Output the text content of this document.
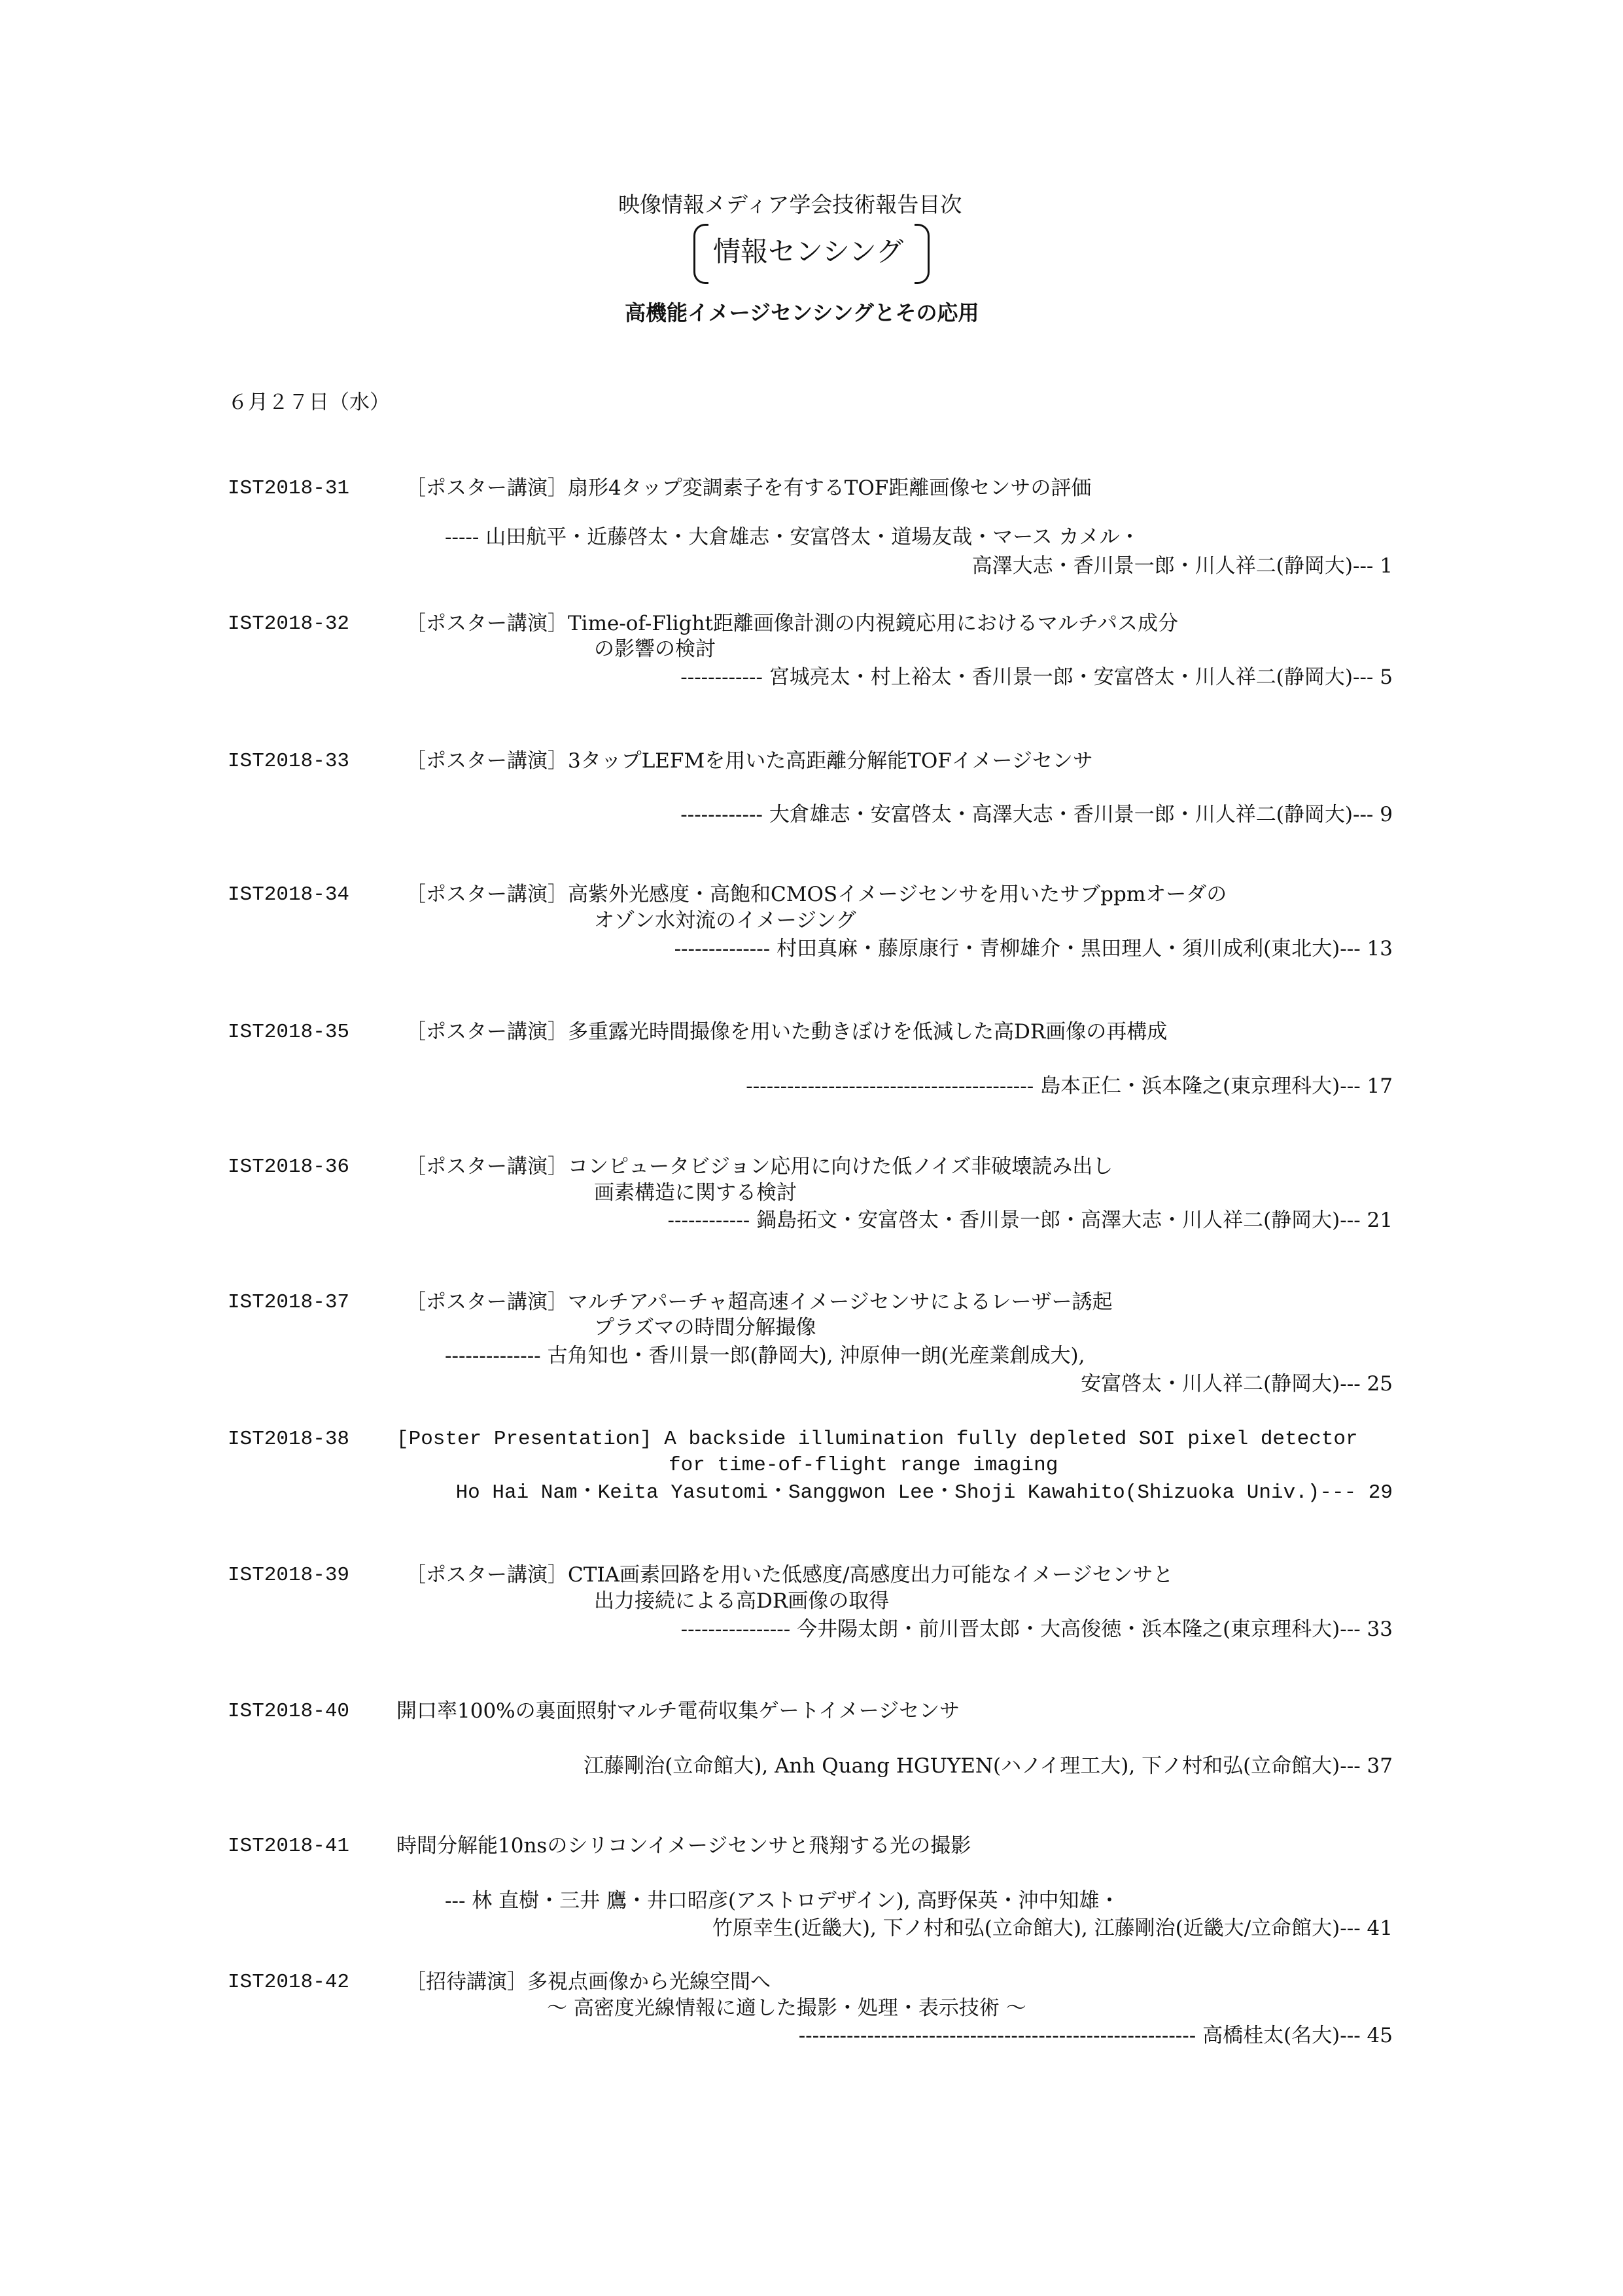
映像情報メディア学会技術報告目次
情報センシング
高機能イメージセンシングとその応用
６月２７日（水）
IST2018-31	［ポスター講演］扇形4タップ変調素子を有するTOF距離画像センサの評価
----- 山田航平・近藤啓太・大倉雄志・安富啓太・道場友哉・マース カメル・
高澤大志・香川景一郎・川人祥二(静岡大)--- 1
IST2018-32	［ポスター講演］Time-of-Flight距離画像計測の内視鏡応用におけるマルチパス成分
の影響の検討
------------ 宮城亮太・村上裕太・香川景一郎・安富啓太・川人祥二(静岡大)--- 5
IST2018-33	［ポスター講演］3タップLEFMを用いた高距離分解能TOFイメージセンサ
------------ 大倉雄志・安富啓太・高澤大志・香川景一郎・川人祥二(静岡大)--- 9
IST2018-34	［ポスター講演］高紫外光感度・高飽和CMOSイメージセンサを用いたサブppmオーダの
オゾン水対流のイメージング
-------------- 村田真麻・藤原康行・青柳雄介・黒田理人・須川成利(東北大)--- 13
IST2018-35	［ポスター講演］多重露光時間撮像を用いた動きぼけを低減した高DR画像の再構成
------------------------------------------ 島本正仁・浜本隆之(東京理科大)--- 17
IST2018-36	［ポスター講演］コンピュータビジョン応用に向けた低ノイズ非破壊読み出し
画素構造に関する検討
------------ 鍋島拓文・安富啓太・香川景一郎・高澤大志・川人祥二(静岡大)--- 21
IST2018-37	［ポスター講演］マルチアパーチャ超高速イメージセンサによるレーザー誘起
プラズマの時間分解撮像
-------------- 古角知也・香川景一郎(静岡大), 沖原伸一朗(光産業創成大),
安富啓太・川人祥二(静岡大)--- 25
IST2018-38 [Poster Presentation] A backside illumination fully depleted SOI pixel detector
for time-of-flight range imaging
Ho Hai Nam・Keita Yasutomi・Sanggwon Lee・Shoji Kawahito(Shizuoka Univ.)--- 29
IST2018-39	［ポスター講演］CTIA画素回路を用いた低感度/高感度出力可能なイメージセンサと
出力接続による高DR画像の取得
---------------- 今井陽太朗・前川晋太郎・大高俊徳・浜本隆之(東京理科大)--- 33
IST2018-40 開口率100%の裏面照射マルチ電荷収集ゲートイメージセンサ
江藤剛治(立命館大), Anh Quang HGUYEN(ハノイ理工大), 下ノ村和弘(立命館大)--- 37
IST2018-41 時間分解能10nsのシリコンイメージセンサと飛翔する光の撮影
--- 林 直樹・三井 鷹・井口昭彦(アストロデザイン), 高野保英・沖中知雄・
竹原幸生(近畿大), 下ノ村和弘(立命館大), 江藤剛治(近畿大/立命館大)--- 41
IST2018-42	［招待講演］多視点画像から光線空間へ
～ 高密度光線情報に適した撮影・処理・表示技術 ～
---------------------------------------------------------- 高橋桂太(名大)--- 45
